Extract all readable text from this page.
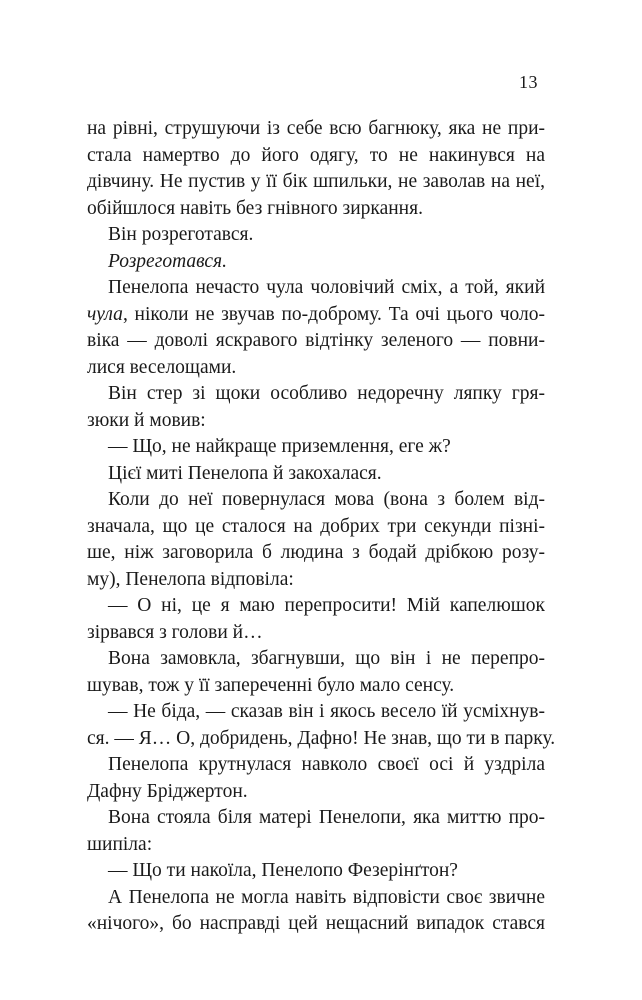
13
на рівні, струшуючи із себе всю багнюку, яка не при-
стала намертво до його одягу, то не накинувся на
дівчину. Не пустив у її бік шпильки, не заволав на неї,
обійшлося навіть без гнівного зиркання.
Він розреготався.
Розреготався.
Пенелопа нечасто чула чоловічий сміх, а той, який
чула, ніколи не звучав по-доброму. Та очі цього чоло-
віка — доволі яскравого відтінку зеленого — повни-
лися веселощами.
Він стер зі щоки особливо недоречну ляпку гря-
зюки й мовив:
— Що, не найкраще приземлення, еге ж?
Цієї миті Пенелопа й закохалася.
Коли до неї повернулася мова (вона з болем від-
значала, що це сталося на добрих три секунди пізні-
ше, ніж заговорила б людина з бодай дрібкою розу-
му), Пенелопа відповіла:
— О ні, це я маю перепросити! Мій капелюшок
зірвався з голови й…
Вона замовкла, збагнувши, що він і не перепро-
шував, тож у її запереченні було мало сенсу.
— Не біда, — сказав він і якось весело їй усміхнув-
ся. — Я… О, добридень, Дафно! Не знав, що ти в парку.
Пенелопа крутнулася навколо своєї осі й уздріла
Дафну Бріджертон.
Вона стояла біля матері Пенелопи, яка миттю про-
шипіла:
— Що ти накоїла, Пенелопо Фезерінґтон?
А Пенелопа не могла навіть відповісти своє звичне
«нічого», бо насправді цей нещасний випадок стався
